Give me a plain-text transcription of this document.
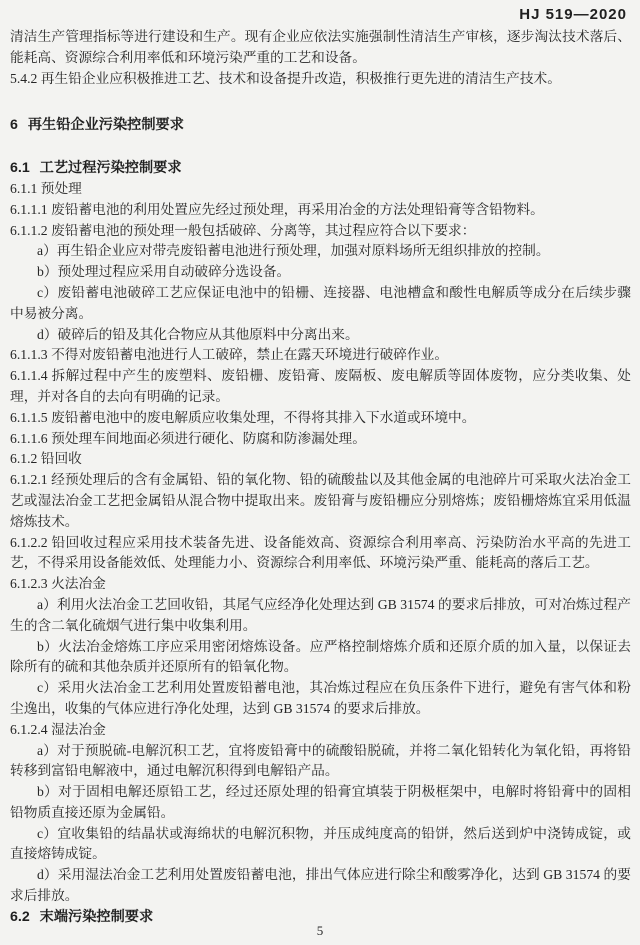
HJ 519—2020
清洁生产管理指标等进行建设和生产。现有企业应依法实施强制性清洁生产审核，逐步淘汰技术落后、能耗高、资源综合利用率低和环境污染严重的工艺和设备。
5.4.2 再生铅企业应积极推进工艺、技术和设备提升改造，积极推行更先进的清洁生产技术。
6 再生铅企业污染控制要求
6.1 工艺过程污染控制要求
6.1.1 预处理
6.1.1.1 废铅蓄电池的利用处置应先经过预处理，再采用冶金的方法处理铅膏等含铅物料。
6.1.1.2 废铅蓄电池的预处理一般包括破碎、分离等，其过程应符合以下要求：
a）再生铅企业应对带壳废铅蓄电池进行预处理，加强对原料场所无组织排放的控制。
b）预处理过程应采用自动破碎分选设备。
c）废铅蓄电池破碎工艺应保证电池中的铅栅、连接器、电池槽盒和酸性电解质等成分在后续步骤中易被分离。
d）破碎后的铅及其化合物应从其他原料中分离出来。
6.1.1.3 不得对废铅蓄电池进行人工破碎，禁止在露天环境进行破碎作业。
6.1.1.4 拆解过程中产生的废塑料、废铅栅、废铅膏、废隔板、废电解质等固体废物，应分类收集、处理，并对各自的去向有明确的记录。
6.1.1.5 废铅蓄电池中的废电解质应收集处理，不得将其排入下水道或环境中。
6.1.1.6 预处理车间地面必须进行硬化、防腐和防渗漏处理。
6.1.2 铅回收
6.1.2.1 经预处理后的含有金属铅、铅的氧化物、铅的硫酸盐以及其他金属的电池碎片可采取火法冶金工艺或湿法冶金工艺把金属铅从混合物中提取出来。废铅膏与废铅栅应分别熔炼；废铅栅熔炼宜采用低温熔炼技术。
6.1.2.2 铅回收过程应采用技术装备先进、设备能效高、资源综合利用率高、污染防治水平高的先进工艺，不得采用设备能效低、处理能力小、资源综合利用率低、环境污染严重、能耗高的落后工艺。
6.1.2.3 火法冶金
a）利用火法冶金工艺回收铅，其尾气应经净化处理达到 GB 31574 的要求后排放，可对冶炼过程产生的含二氧化硫烟气进行集中收集利用。
b）火法冶金熔炼工序应采用密闭熔炼设备。应严格控制熔炼介质和还原介质的加入量，以保证去除所有的硫和其他杂质并还原所有的铅氧化物。
c）采用火法冶金工艺利用处置废铅蓄电池，其冶炼过程应在负压条件下进行，避免有害气体和粉尘逸出，收集的气体应进行净化处理，达到 GB 31574 的要求后排放。
6.1.2.4 湿法冶金
a）对于预脱硫-电解沉积工艺，宜将废铅膏中的硫酸铅脱硫，并将二氧化铅转化为氧化铅，再将铅转移到富铅电解液中，通过电解沉积得到电解铅产品。
b）对于固相电解还原铅工艺，经过还原处理的铅膏宜填装于阴极框架中，电解时将铅膏中的固相铅物质直接还原为金属铅。
c）宜收集铅的结晶状或海绵状的电解沉积物，并压成纯度高的铅饼，然后送到炉中浇铸成锭，或直接熔铸成锭。
d）采用湿法冶金工艺利用处置废铅蓄电池，排出气体应进行除尘和酸雾净化，达到 GB 31574 的要求后排放。
6.2 末端污染控制要求
5
